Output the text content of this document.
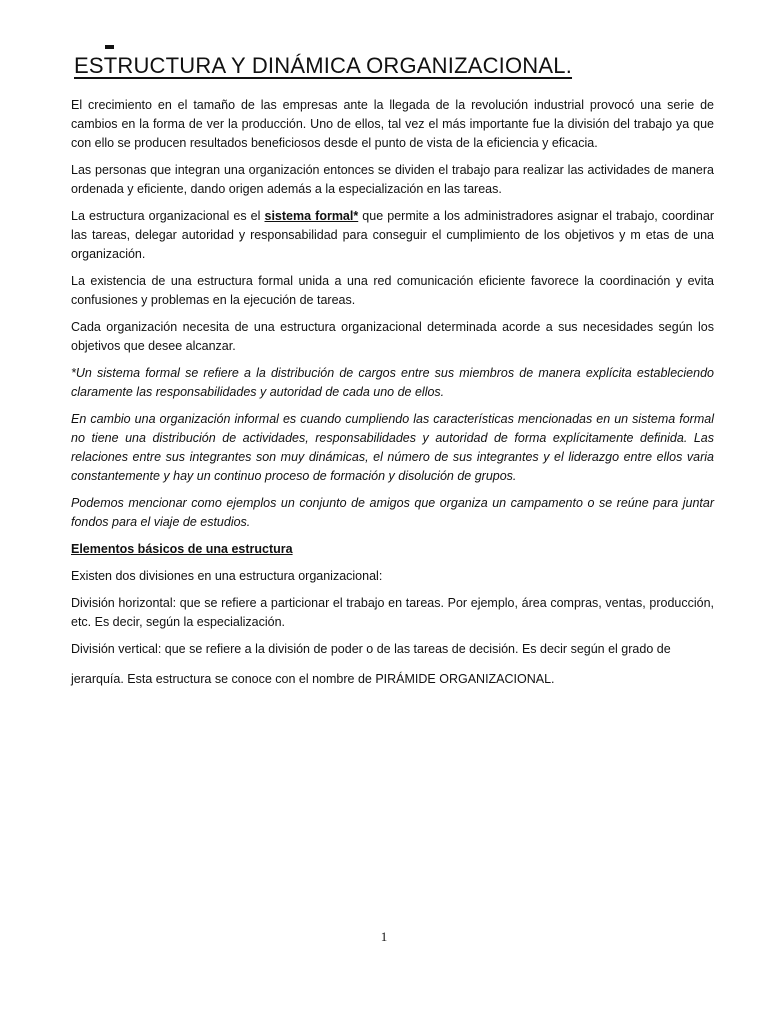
ESTRUCTURA Y DINÁMICA ORGANIZACIONAL.

El crecimiento en el tamaño de las empresas ante la llegada de la revolución industrial provocó una serie de cambios en la forma de ver la producción. Uno de ellos, tal vez el más importante fue la división del trabajo ya que con ello se producen resultados beneficiosos desde el punto de vista de la eficiencia y eficacia.

Las personas que integran una organización entonces se dividen el trabajo para realizar las actividades de manera ordenada y eficiente, dando origen además a la especialización en las tareas.

La estructura organizacional es el sistema formal* que permite a los administradores asignar el trabajo, coordinar las tareas, delegar autoridad y responsabilidad para conseguir el cumplimiento de los objetivos y m etas de una organización.

La existencia de una estructura formal unida a una red comunicación eficiente favorece la coordinación y evita confusiones y problemas en la ejecución de tareas.

Cada organización necesita de una estructura organizacional determinada acorde a sus necesidades según los objetivos que desee alcanzar.

*Un sistema formal se refiere a la distribución de cargos entre sus miembros de manera explícita estableciendo claramente las responsabilidades y autoridad de cada uno de ellos.

En cambio una organización informal es cuando cumpliendo las características mencionadas en un sistema formal no tiene una distribución de actividades, responsabilidades y autoridad de forma explícitamente definida. Las relaciones entre sus integrantes son muy dinámicas, el número de sus integrantes y el liderazgo entre ellos varia constantemente y hay un continuo proceso de formación y disolución de grupos.

Podemos mencionar como ejemplos un conjunto de amigos que organiza un campamento o se reúne para juntar fondos para el viaje de estudios.

Elementos básicos de una estructura

Existen dos divisiones en una estructura organizacional:

División horizontal: que se refiere a particionar el trabajo en tareas. Por ejemplo, área compras, ventas, producción, etc. Es decir, según la especialización.

División vertical: que se refiere a la división de poder o de las tareas de decisión. Es decir según el grado de

jerarquía. Esta estructura se conoce con el nombre de PIRÁMIDE ORGANIZACIONAL.

1
